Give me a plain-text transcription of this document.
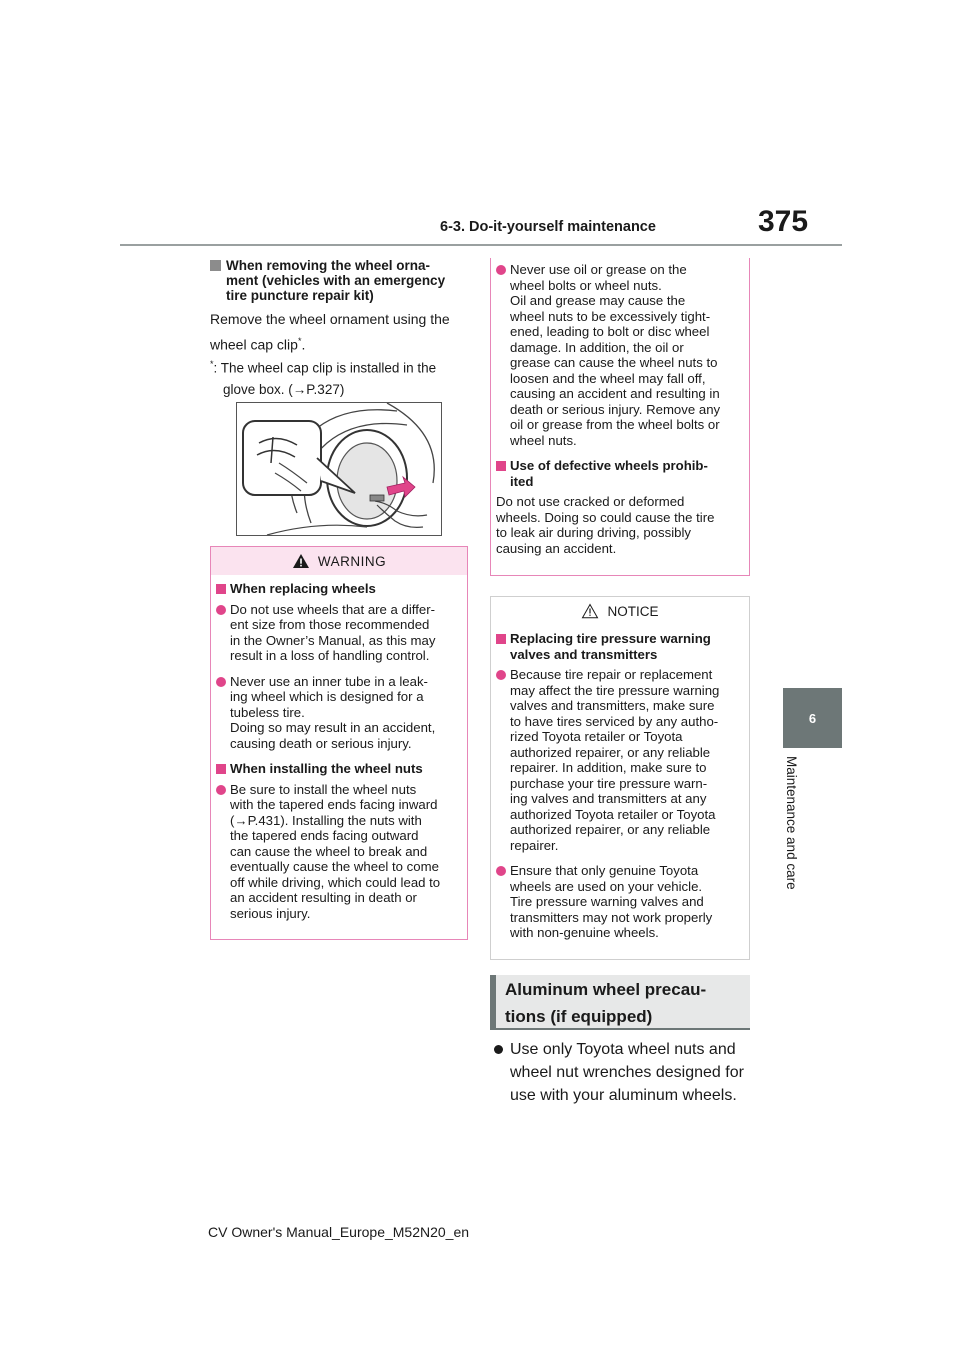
6-3. Do-it-yourself maintenance	375
6
Maintenance and care
When removing the wheel orna-
ment (vehicles with an emergency
tire puncture repair kit)
Remove the wheel ornament using the
wheel cap clip*.
*: The wheel cap clip is installed in the
glove box. (→P.327)
WARNING
When replacing wheels
Do not use wheels that are a differ-
ent size from those recommended
in the Owner’s Manual, as this may
result in a loss of handling control.
Never use an inner tube in a leak-
ing wheel which is designed for a
tubeless tire.
Doing so may result in an accident,
causing death or serious injury.
When installing the wheel nuts
Be sure to install the wheel nuts
with the tapered ends facing inward
(→P.431). Installing the nuts with
the tapered ends facing outward
can cause the wheel to break and
eventually cause the wheel to come
off while driving, which could lead to
an accident resulting in death or
serious injury.
Never use oil or grease on the
wheel bolts or wheel nuts.
Oil and grease may cause the
wheel nuts to be excessively tight-
ened, leading to bolt or disc wheel
damage. In addition, the oil or
grease can cause the wheel nuts to
loosen and the wheel may fall off,
causing an accident and resulting in
death or serious injury. Remove any
oil or grease from the wheel bolts or
wheel nuts.
Use of defective wheels prohib-
ited
Do not use cracked or deformed
wheels. Doing so could cause the tire
to leak air during driving, possibly
causing an accident.
NOTICE
Replacing tire pressure warning
valves and transmitters
Because tire repair or replacement
may affect the tire pressure warning
valves and transmitters, make sure
to have tires serviced by any autho-
rized Toyota retailer or Toyota
authorized repairer, or any reliable
repairer. In addition, make sure to
purchase your tire pressure warn-
ing valves and transmitters at any
authorized Toyota retailer or Toyota
authorized repairer, or any reliable
repairer.
Ensure that only genuine Toyota
wheels are used on your vehicle.
Tire pressure warning valves and
transmitters may not work properly
with non-genuine wheels.
Aluminum wheel precau-
tions (if equipped)
Use only Toyota wheel nuts and
wheel nut wrenches designed for
use with your aluminum wheels.
CV Owner's Manual_Europe_M52N20_en
